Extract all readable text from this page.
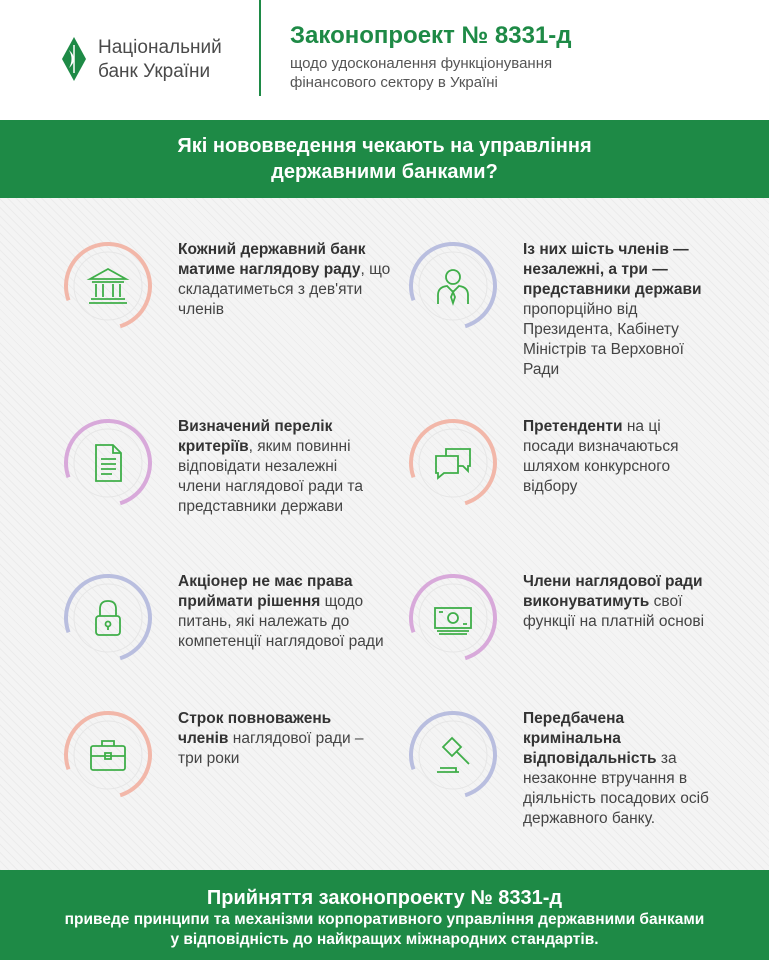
Національний
банк України
Законопроект № 8331-д
щодо удосконалення функціонування
фінансового сектору в Україні
Які нововведення чекають на управління
державними банками?
Кожний державний банк матиме наглядову раду, що складатиметься з дев'яти членів
Із них шість членів — незалежні, а три — представники держави пропорційно від Президента, Кабінету Міністрів та Верховної Ради
Визначений перелік критеріїв, яким повинні відповідати незалежні члени наглядової ради та представники держави
Претенденти на ці посади визначаються шляхом конкурсного відбору
Акціонер не має права приймати рішення щодо питань, які належать до компетенції наглядової ради
Члени наглядової ради виконуватимуть свої функції на платній основі
Строк повноважень членів наглядової ради – три роки
Передбачена кримінальна відповідальність за незаконне втручання в діяльність посадових осіб державного банку.
Прийняття законопроекту № 8331-д
приведе принципи та механізми корпоративного управління державними банками
у відповідність до найкращих міжнародних стандартів.
